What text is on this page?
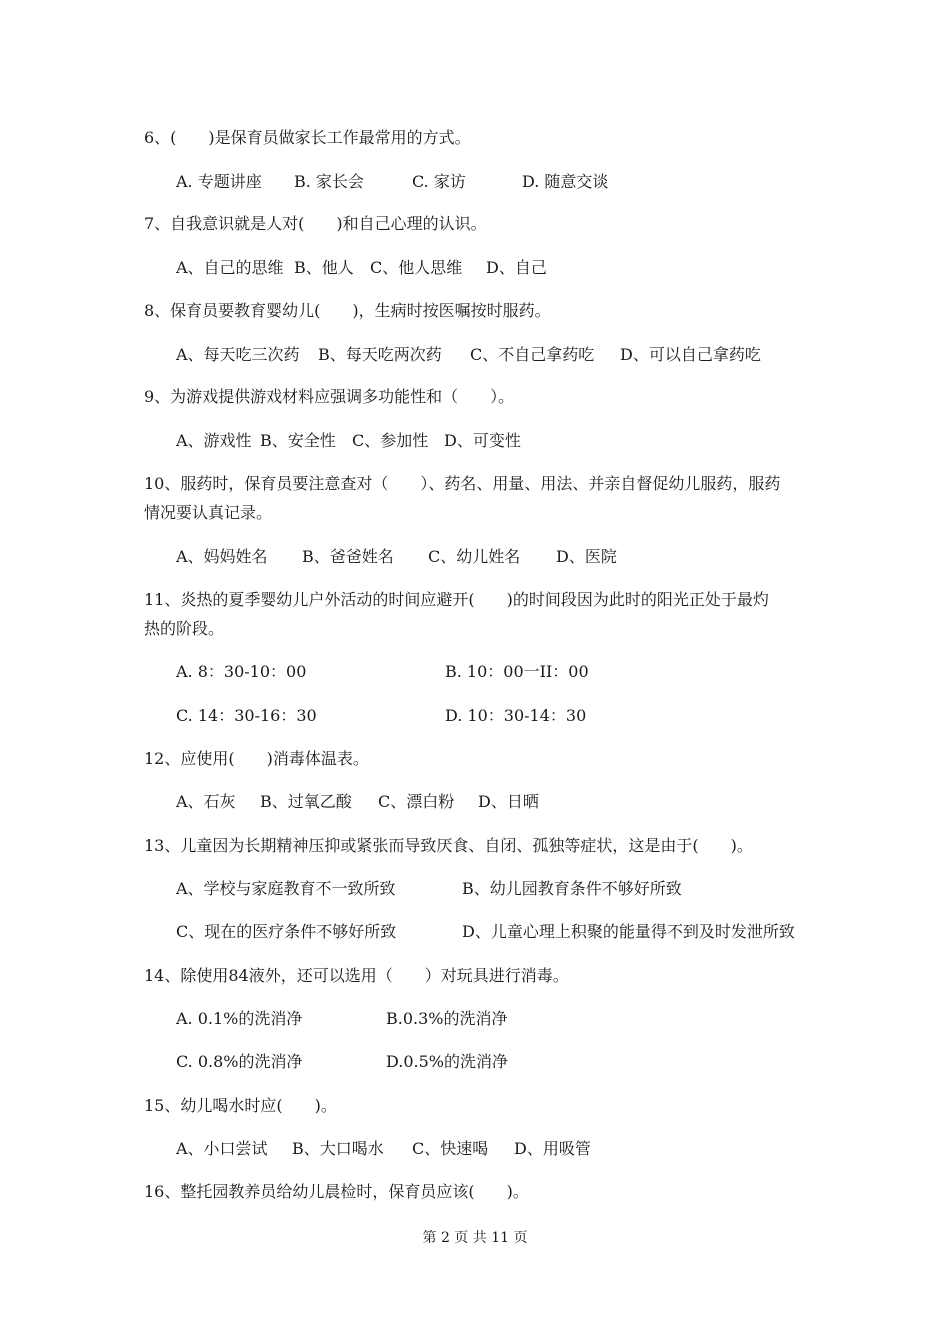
6、(　　)是保育员做家长工作最常用的方式。
A. 专题讲座 B. 家长会	C. 家访	D. 随意交谈
7、自我意识就是人对(　　)和自己心理的认识。
A、自己的思维 B、他人 C、他人思维 D、自己
8、保育员要教育婴幼儿(　　)，生病时按医嘱按时服药。
A、每天吃三次药 B、每天吃两次药 C、不自己拿药吃 D、可以自己拿药吃
9、为游戏提供游戏材料应强调多功能性和（　　）。
A、游戏性 B、安全性 C、参加性 D、可变性
10、服药时，保育员要注意查对（　　）、药名、用量、用法、并亲自督促幼儿服药，服药
情况要认真记录。
A、妈妈姓名 B、爸爸姓名 C、幼儿姓名 D、医院
11、炎热的夏季婴幼儿户外活动的时间应避开(　　)的时间段因为此时的阳光正处于最灼
热的阶段。
A. 8：30-10：00	B. 10：00一II：00
C. 14：30-16：30	D. 10：30-14：30
12、应使用(　　)消毒体温表。
A、石灰 B、过氧乙酸 C、漂白粉 D、日晒
13、儿童因为长期精神压抑或紧张而导致厌食、自闭、孤独等症状，这是由于(　　)。
A、学校与家庭教育不一致所致	B、幼儿园教育条件不够好所致
C、现在的医疗条件不够好所致	D、儿童心理上积聚的能量得不到及时发泄所致
14、除使用84液外，还可以选用（　　）对玩具进行消毒。
A. 0.1%的洗消净	B.0.3%的洗消净
C. 0.8%的洗消净	D.0.5%的洗消净
15、幼儿喝水时应(　　)。
A、小口尝试 B、大口喝水 C、快速喝 D、用吸管
16、整托园教养员给幼儿晨检时，保育员应该(　　)。
第 2 页 共 11 页
